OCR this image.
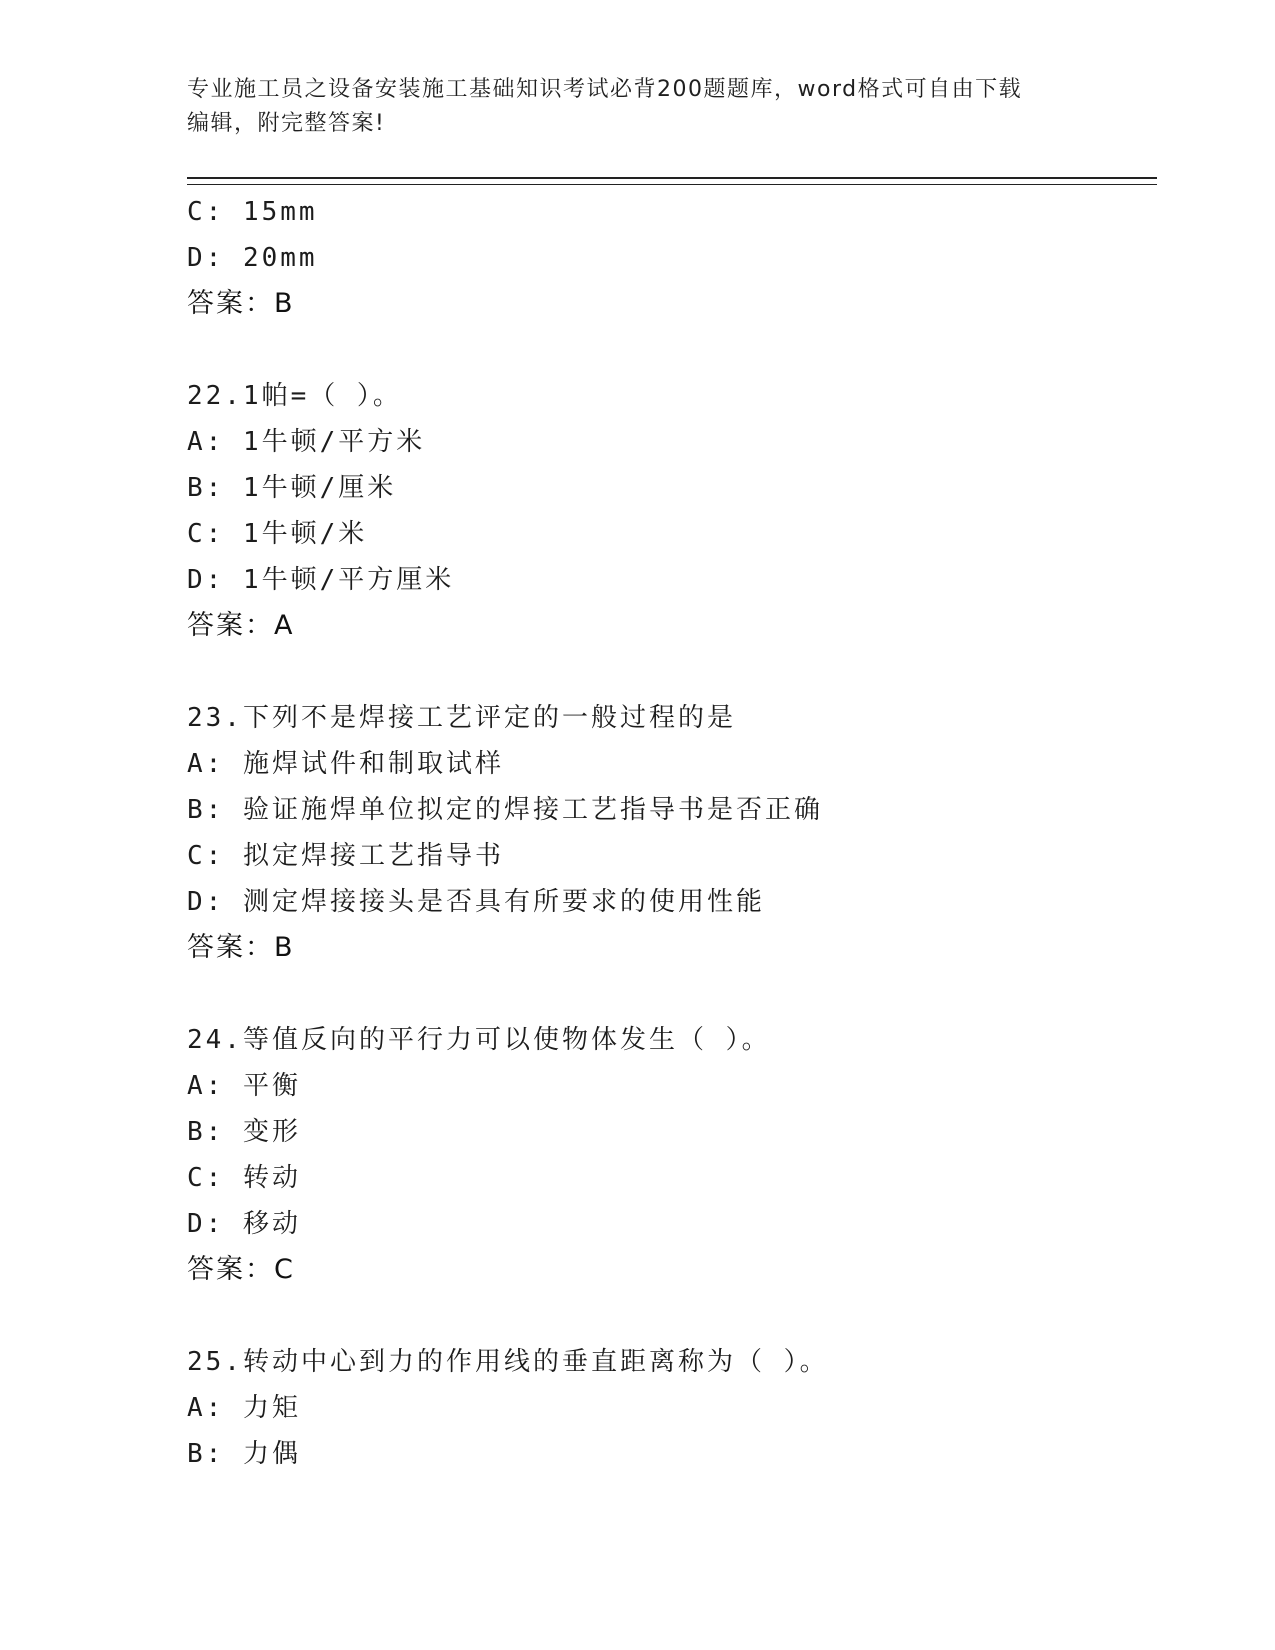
专业施工员之设备安装施工基础知识考试必背200题题库，word格式可自由下载
编辑，附完整答案!
C: 15mm
D: 20mm
答案：B
22.1帕=（ ）。
A: 1牛顿/平方米
B: 1牛顿/厘米
C: 1牛顿/米
D: 1牛顿/平方厘米
答案：A
23.下列不是焊接工艺评定的一般过程的是
A: 施焊试件和制取试样
B: 验证施焊单位拟定的焊接工艺指导书是否正确
C: 拟定焊接工艺指导书
D: 测定焊接接头是否具有所要求的使用性能
答案：B
24.等值反向的平行力可以使物体发生（ ）。
A: 平衡
B: 变形
C: 转动
D: 移动
答案：C
25.转动中心到力的作用线的垂直距离称为（ ）。
A: 力矩
B: 力偶
